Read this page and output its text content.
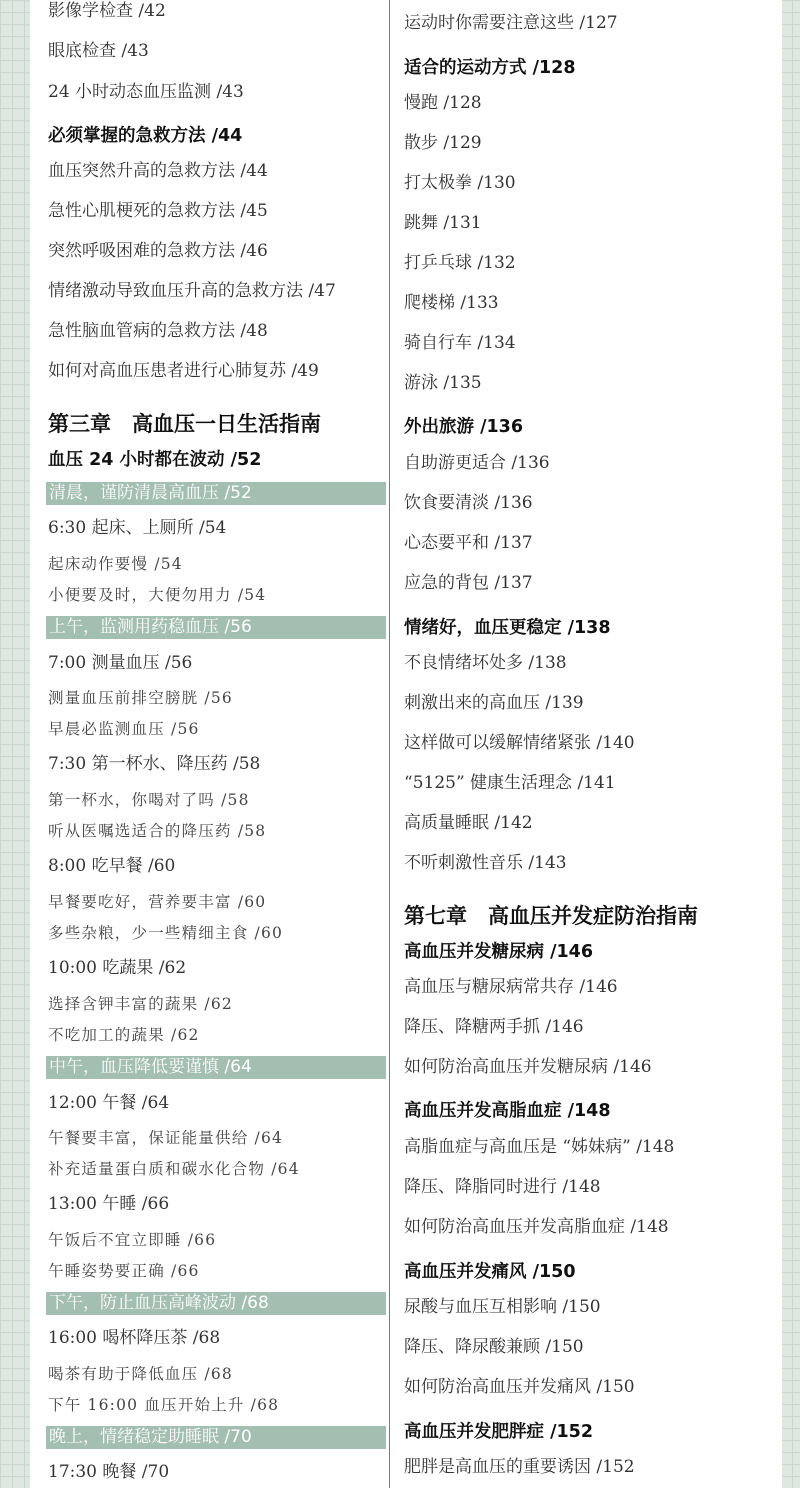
影像学检查 /42
眼底检查 /43
24 小时动态血压监测 /43
必须掌握的急救方法 /44
血压突然升高的急救方法 /44
急性心肌梗死的急救方法 /45
突然呼吸困难的急救方法 /46
情绪激动导致血压升高的急救方法 /47
急性脑血管病的急救方法 /48
如何对高血压患者进行心肺复苏 /49
第三章　高血压一日生活指南
血压 24 小时都在波动 /52
清晨，谨防清晨高血压 /52
6:30 起床、上厕所 /54
起床动作要慢 /54
小便要及时，大便勿用力 /54
上午，监测用药稳血压 /56
7:00 测量血压 /56
测量血压前排空膀胱 /56
早晨必监测血压 /56
7:30 第一杯水、降压药 /58
第一杯水，你喝对了吗 /58
听从医嘱选适合的降压药 /58
8:00 吃早餐 /60
早餐要吃好，营养要丰富 /60
多些杂粮，少一些精细主食 /60
10:00 吃蔬果 /62
选择含钾丰富的蔬果 /62
不吃加工的蔬果 /62
中午，血压降低要谨慎 /64
12:00 午餐 /64
午餐要丰富，保证能量供给 /64
补充适量蛋白质和碳水化合物 /64
13:00 午睡 /66
午饭后不宜立即睡 /66
午睡姿势要正确 /66
下午，防止血压高峰波动 /68
16:00 喝杯降压茶 /68
喝茶有助于降低血压 /68
下午 16:00 血压开始上升 /68
晚上，情绪稳定助睡眠 /70
17:30 晚餐 /70
运动时你需要注意这些 /127
适合的运动方式 /128
慢跑 /128
散步 /129
打太极拳 /130
跳舞 /131
打乒乓球 /132
爬楼梯 /133
骑自行车 /134
游泳 /135
外出旅游 /136
自助游更适合 /136
饮食要清淡 /136
心态要平和 /137
应急的背包 /137
情绪好，血压更稳定 /138
不良情绪坏处多 /138
刺激出来的高血压 /139
这样做可以缓解情绪紧张 /140
“5125” 健康生活理念 /141
高质量睡眠 /142
不听刺激性音乐 /143
第七章　高血压并发症防治指南
高血压并发糖尿病 /146
高血压与糖尿病常共存 /146
降压、降糖两手抓 /146
如何防治高血压并发糖尿病 /146
高血压并发高脂血症 /148
高脂血症与高血压是 “姊妹病” /148
降压、降脂同时进行 /148
如何防治高血压并发高脂血症 /148
高血压并发痛风 /150
尿酸与血压互相影响 /150
降压、降尿酸兼顾 /150
如何防治高血压并发痛风 /150
高血压并发肥胖症 /152
肥胖是高血压的重要诱因 /152
